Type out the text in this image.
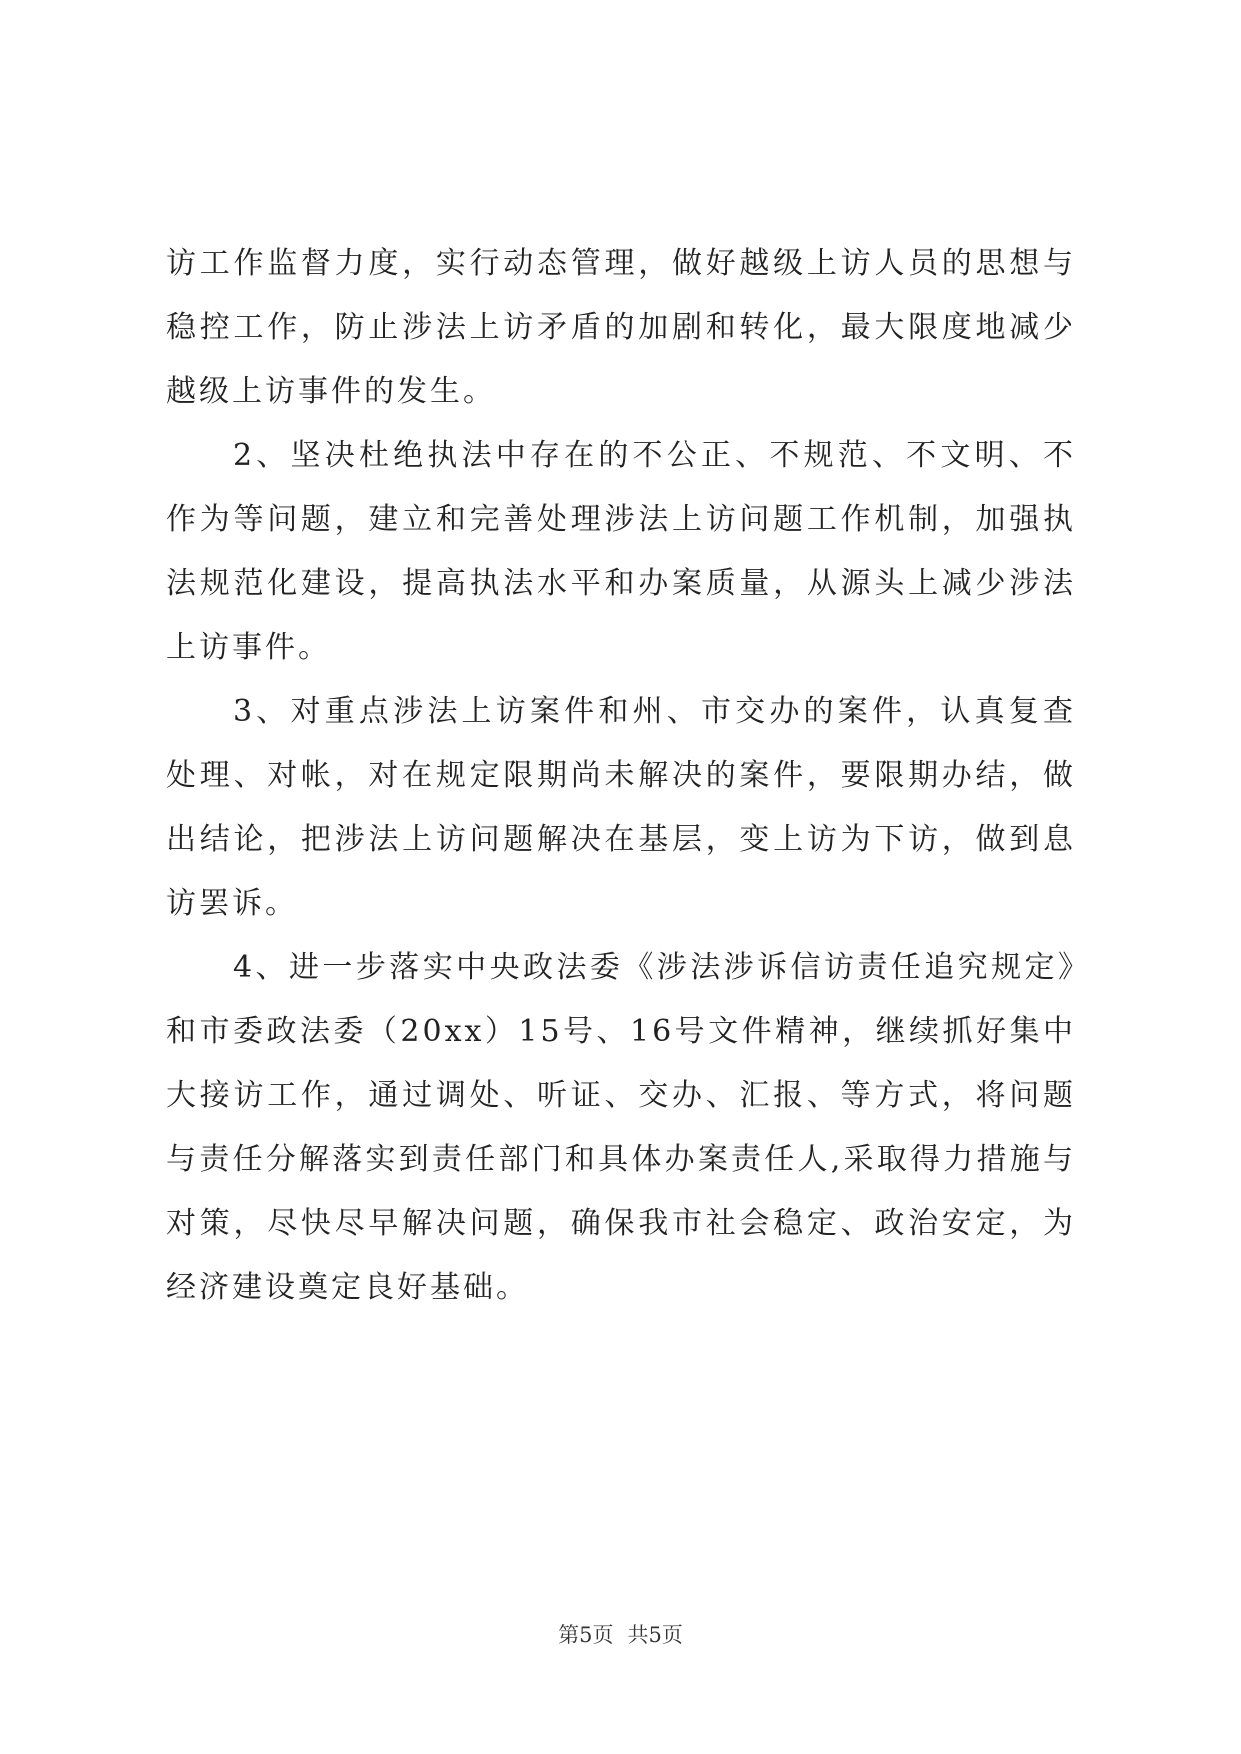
访工作监督力度，实行动态管理，做好越级上访人员的思想与稳控工作，防止涉法上访矛盾的加剧和转化，最大限度地减少越级上访事件的发生。

2、坚决杜绝执法中存在的不公正、不规范、不文明、不作为等问题，建立和完善处理涉法上访问题工作机制，加强执法规范化建设，提高执法水平和办案质量，从源头上减少涉法上访事件。

3、对重点涉法上访案件和州、市交办的案件，认真复查处理、对帐，对在规定限期尚未解决的案件，要限期办结，做出结论，把涉法上访问题解决在基层，变上访为下访，做到息访罢诉。

4、进一步落实中央政法委《涉法涉诉信访责任追究规定》和市委政法委（20xx）15号、16号文件精神，继续抓好集中大接访工作，通过调处、听证、交办、汇报、等方式，将问题与责任分解落实到责任部门和具体办案责任人,采取得力措施与对策，尽快尽早解决问题，确保我市社会稳定、政治安定，为经济建设奠定良好基础。

第5页 共5页
